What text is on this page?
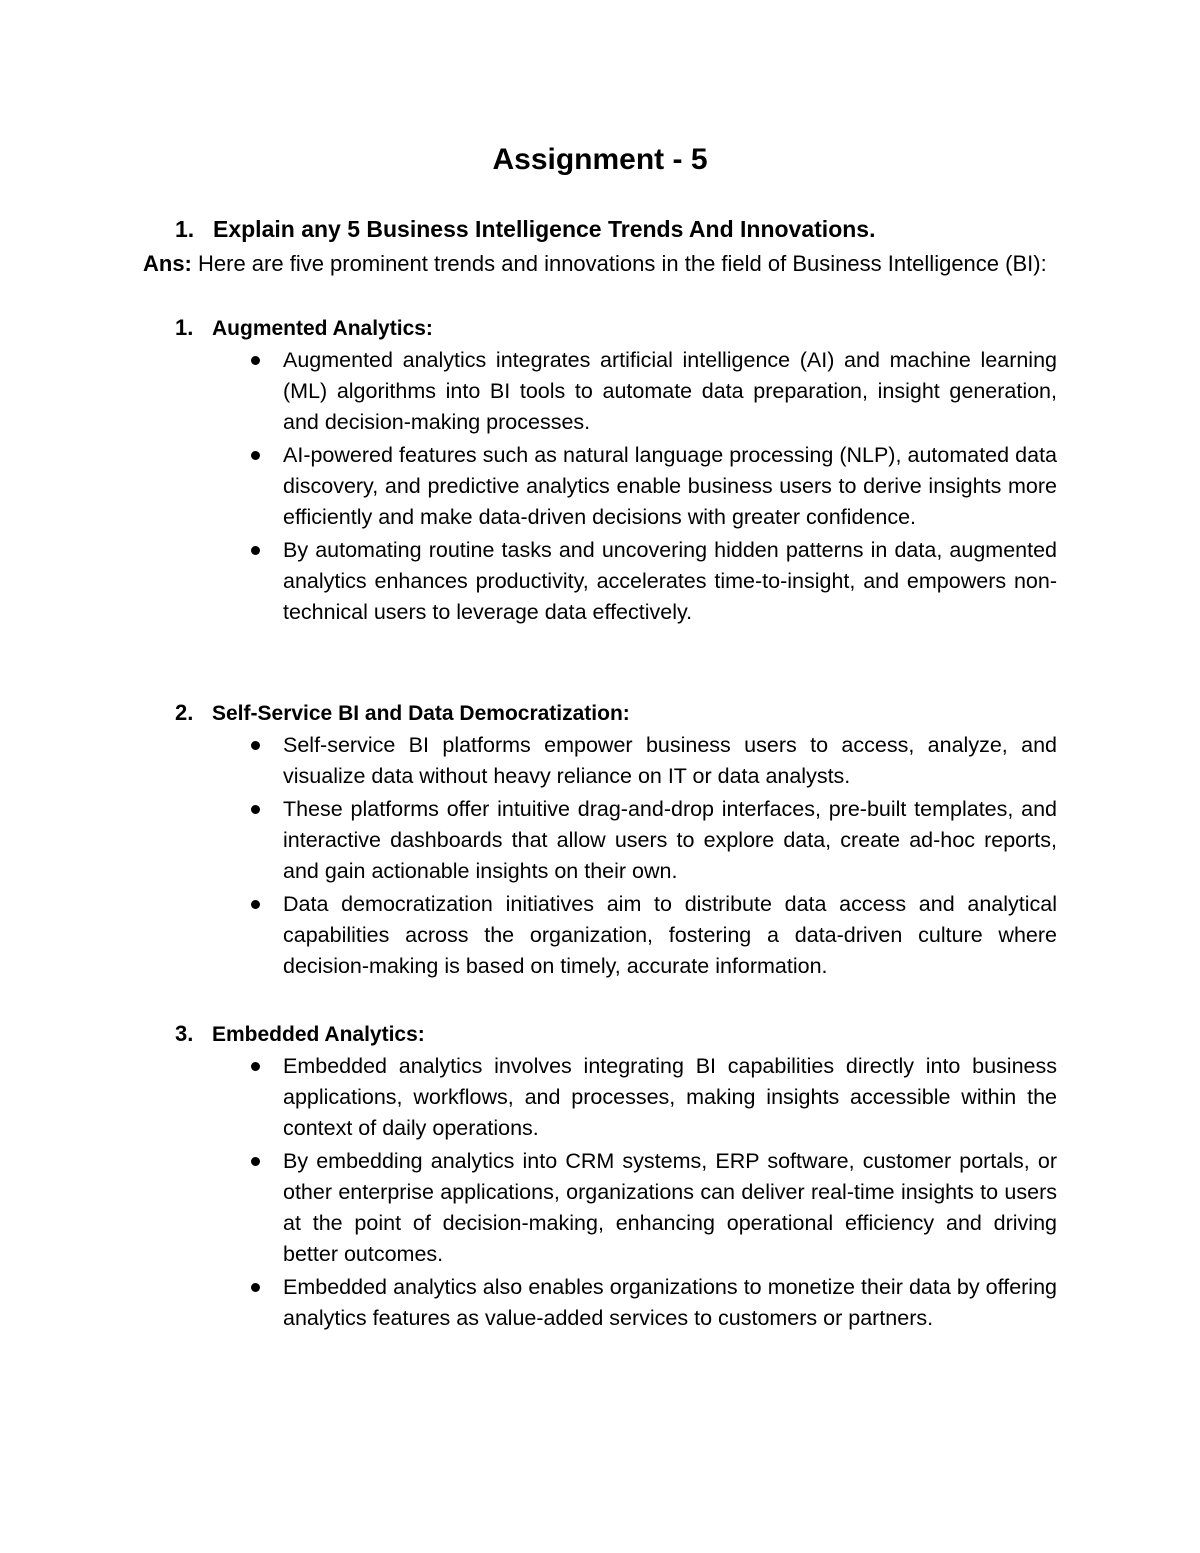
Assignment - 5

1. Explain any 5 Business Intelligence Trends And Innovations.

Ans: Here are five prominent trends and innovations in the field of Business Intelligence (BI):

1. Augmented Analytics:
Augmented analytics integrates artificial intelligence (AI) and machine learning (ML) algorithms into BI tools to automate data preparation, insight generation, and decision-making processes.
AI-powered features such as natural language processing (NLP), automated data discovery, and predictive analytics enable business users to derive insights more efficiently and make data-driven decisions with greater confidence.
By automating routine tasks and uncovering hidden patterns in data, augmented analytics enhances productivity, accelerates time-to-insight, and empowers non-technical users to leverage data effectively.
2. Self-Service BI and Data Democratization:
Self-service BI platforms empower business users to access, analyze, and visualize data without heavy reliance on IT or data analysts.
These platforms offer intuitive drag-and-drop interfaces, pre-built templates, and interactive dashboards that allow users to explore data, create ad-hoc reports, and gain actionable insights on their own.
Data democratization initiatives aim to distribute data access and analytical capabilities across the organization, fostering a data-driven culture where decision-making is based on timely, accurate information.
3. Embedded Analytics:
Embedded analytics involves integrating BI capabilities directly into business applications, workflows, and processes, making insights accessible within the context of daily operations.
By embedding analytics into CRM systems, ERP software, customer portals, or other enterprise applications, organizations can deliver real-time insights to users at the point of decision-making, enhancing operational efficiency and driving better outcomes.
Embedded analytics also enables organizations to monetize their data by offering analytics features as value-added services to customers or partners.
